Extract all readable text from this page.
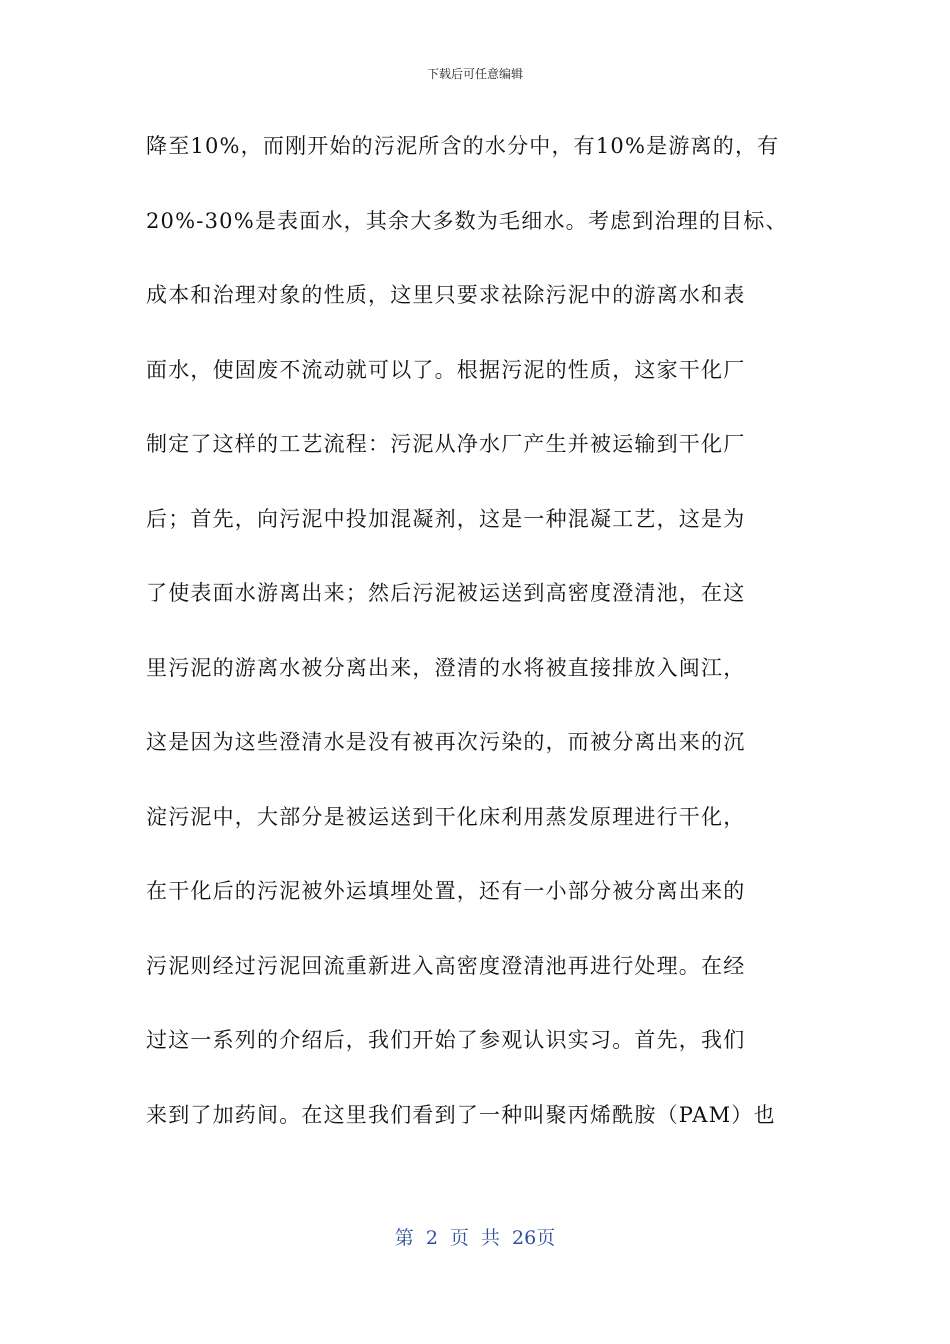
下载后可任意编辑
降至10%，而刚开始的污泥所含的水分中，有10%是游离的，有
20%-30%是表面水，其余大多数为毛细水。考虑到治理的目标、
成本和治理对象的性质，这里只要求祛除污泥中的游离水和表
面水，使固废不流动就可以了。根据污泥的性质，这家干化厂
制定了这样的工艺流程：污泥从净水厂产生并被运输到干化厂
后；首先，向污泥中投加混凝剂，这是一种混凝工艺，这是为
了使表面水游离出来；然后污泥被运送到高密度澄清池，在这
里污泥的游离水被分离出来，澄清的水将被直接排放入闽江，
这是因为这些澄清水是没有被再次污染的，而被分离出来的沉
淀污泥中，大部分是被运送到干化床利用蒸发原理进行干化，
在干化后的污泥被外运填埋处置，还有一小部分被分离出来的
污泥则经过污泥回流重新进入高密度澄清池再进行处理。在经
过这一系列的介绍后，我们开始了参观认识实习。首先，我们
来到了加药间。在这里我们看到了一种叫聚丙烯酰胺（PAM）也
第 2 页 共 26页
